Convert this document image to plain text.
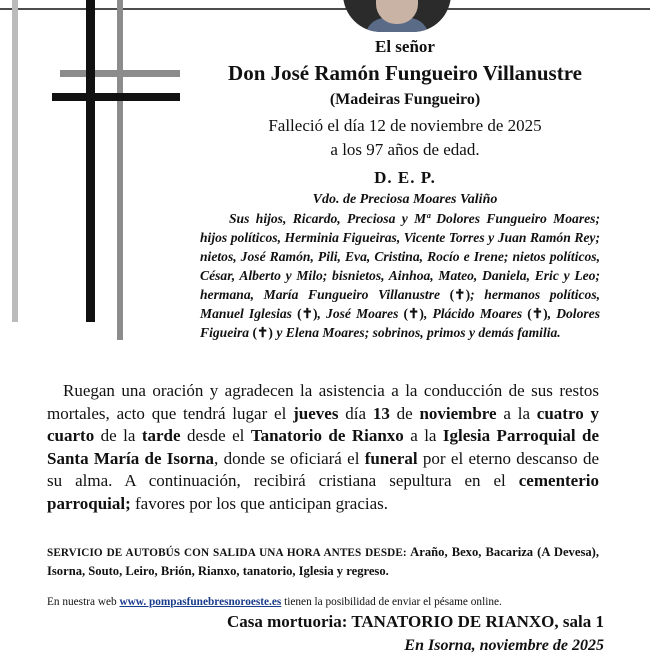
El señor
Don José Ramón Fungueiro Villanustre
(Madeiras Fungueiro)
Falleció el día 12 de noviembre de 2025
a los 97 años de edad.
D. E. P.
Vdo. de Preciosa Moares Valiño
Sus hijos, Ricardo, Preciosa y Mª Dolores Fungueiro Moares; hijos políticos, Herminia Figueiras, Vicente Torres y Juan Ramón Rey; nietos, José Ramón, Pili, Eva, Cristina, Rocío e Irene; nietos políticos, César, Alberto y Milo; bisnietos, Ainhoa, Mateo, Daniela, Eric y Leo; hermana, María Fungueiro Villanustre (✝); hermanos políticos, Manuel Iglesias (✝), José Moares (✝), Plácido Moares (✝), Dolores Figueira (✝) y Elena Moares; sobrinos, primos y demás familia.
Ruegan una oración y agradecen la asistencia a la conducción de sus restos mortales, acto que tendrá lugar el jueves día 13 de noviembre a la cuatro y cuarto de la tarde desde el Tanatorio de Rianxo a la Iglesia Parroquial de Santa María de Isorna, donde se oficiará el funeral por el eterno descanso de su alma. A continuación, recibirá cristiana sepultura en el cementerio parroquial; favores por los que anticipan gracias.
SERVICIO DE AUTOBÚS CON SALIDA UNA HORA ANTES DESDE: Araño, Bexo, Bacariza (A Devesa), Isorna, Souto, Leiro, Brión, Rianxo, tanatorio, Iglesia y regreso.
En nuestra web www. pompasfunebresnoroeste.es tienen la posibilidad de enviar el pésame online.
Casa mortuoria: TANATORIO DE RIANXO, sala 1
En Isorna, noviembre de 2025
